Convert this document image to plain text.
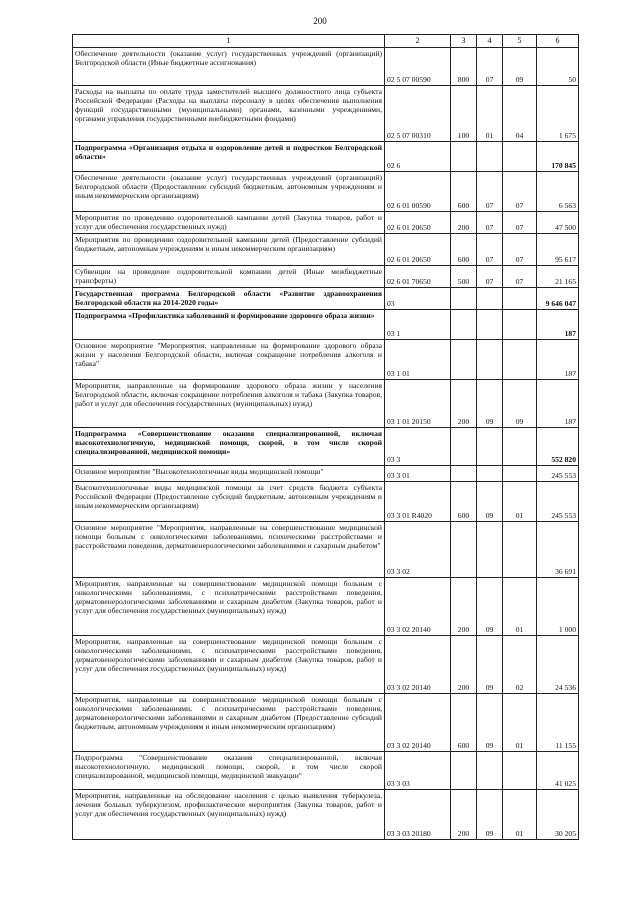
200
1	2	3	4	5	6
Обеспечение деятельности (оказание услуг) государственных учреждений (организаций) Белгородской области (Иные бюджетные ассигнования)	02 5 07 00590	800	07	09	50
Расходы на выплаты по оплате труда заместителей высшего должностного лица субъекта Российской Федерации (Расходы на выплаты персоналу в целях обеспечения выполнения функций государственными (муниципальными) органами, казенными учреждениями, органами управления государственными внебюджетными фондами)	02 5 07 00310	100	01	04	1 675
Подпрограмма «Организация отдыха и оздоровление детей и подростков Белгородской области»	02 6				170 845
Обеспечение деятельности (оказание услуг) государственных учреждений (организаций) Белгородской области (Предоставление субсидий бюджетным, автономным учреждениям и иным некоммерческим организациям)	02 6 01 00590	600	07	07	6 563
Мероприятия по проведению оздоровительной кампании детей (Закупка товаров, работ и услуг для обеспечения государственных нужд)	02 6 01 20650	200	07	07	47 500
Мероприятия по проведению оздоровительной кампании детей (Предоставление субсидий бюджетным, автономным учреждениям и иным некоммерческим организациям)	02 6 01 20650	600	07	07	95 617
Субвенции на проведение оздоровительной компании детей (Иные межбюджетные трансферты)	02 6 01 70650	500	07	07	21 165
Государственная программа Белгородской области «Развитие здравоохранения Белгородской области на 2014-2020 годы»	03				9 646 047
Подпрограмма «Профилактика заболеваний и формирование здорового образа жизни»	03 1				187
Основное мероприятие "Мероприятия, направленные на формирование здорового образа жизни у населения Белгородской области, включая сокращение потребления алкоголя и табака"	03 1 01				187
Мероприятия, направленные на формирование здорового образа жизни у населения Белгородской области, включая сокращение потребления алкоголя и табака (Закупка товаров, работ и услуг для обеспечения государственных (муниципальных) нужд)	03 1 01 20150	200	09	09	187
Подпрограмма «Совершенствование оказания специализированной, включая высокотехнологичную, медицинской помощи, скорой, в том числе скорой специализированной, медицинской помощи»	03 3				552 820
Основное мероприятие "Высокотехнологичные виды медицинской помощи"	03 3 01				245 553
Высокотехнологичные виды медицинской помощи за счет средств бюджета субъекта Российской Федерации (Предоставление субсидий бюджетным, автономным учреждениям и иным некоммерческим организациям)	03 3 01 R4020	600	09	01	245 553
Основное мероприятие "Мероприятия, направленные на совершенствование медицинской помощи больным с онкологическими заболеваниями, психическими расстройствами и расстройствами поведения, дерматовенерологическими заболеваниями и сахарным диабетом"	03 3 02				36 691
Мероприятия, направленные на совершенствование медицинской помощи больным с онкологическими заболеваниями, с психиатрическими расстройствами поведения, дерматовенерологическими заболеваниями и сахарным диабетом (Закупка товаров, работ и услуг для обеспечения государственных (муниципальных) нужд)	03 3 02 20140	200	09	01	1 000
Мероприятия, направленные на совершенствование медицинской помощи больным с онкологическими заболеваниями, с психиатрическими расстройствами поведения, дерматовенерологическими заболеваниями и сахарным диабетом (Закупка товаров, работ и услуг для обеспечения государственных (муниципальных) нужд)	03 3 02 20140	200	09	02	24 536
Мероприятия, направленные на совершенствование медицинской помощи больным с онкологическими заболеваниями, с психиатрическими расстройствами поведения, дерматовенерологическими заболеваниями и сахарным диабетом (Предоставление субсидий бюджетным, автономным учреждениям и иным некоммерческим организациям)	03 3 02 20140	600	09	01	11 155
Подпрограмма "Совершенствование оказания специализированной, включая высокотехнологичную, медицинской помощи, скорой, в том числе скорой специализированной, медицинской помощи, медицинской эвакуации"	03 3 03				41 025
Мероприятия, направленные на обследование населения с целью выявления туберкулеза, лечения больных туберкулезом, профилактические мероприятия (Закупка товаров, работ и услуг для обеспечения государственных (муниципальных) нужд)	03 3 03 20180	200	09	01	30 205
